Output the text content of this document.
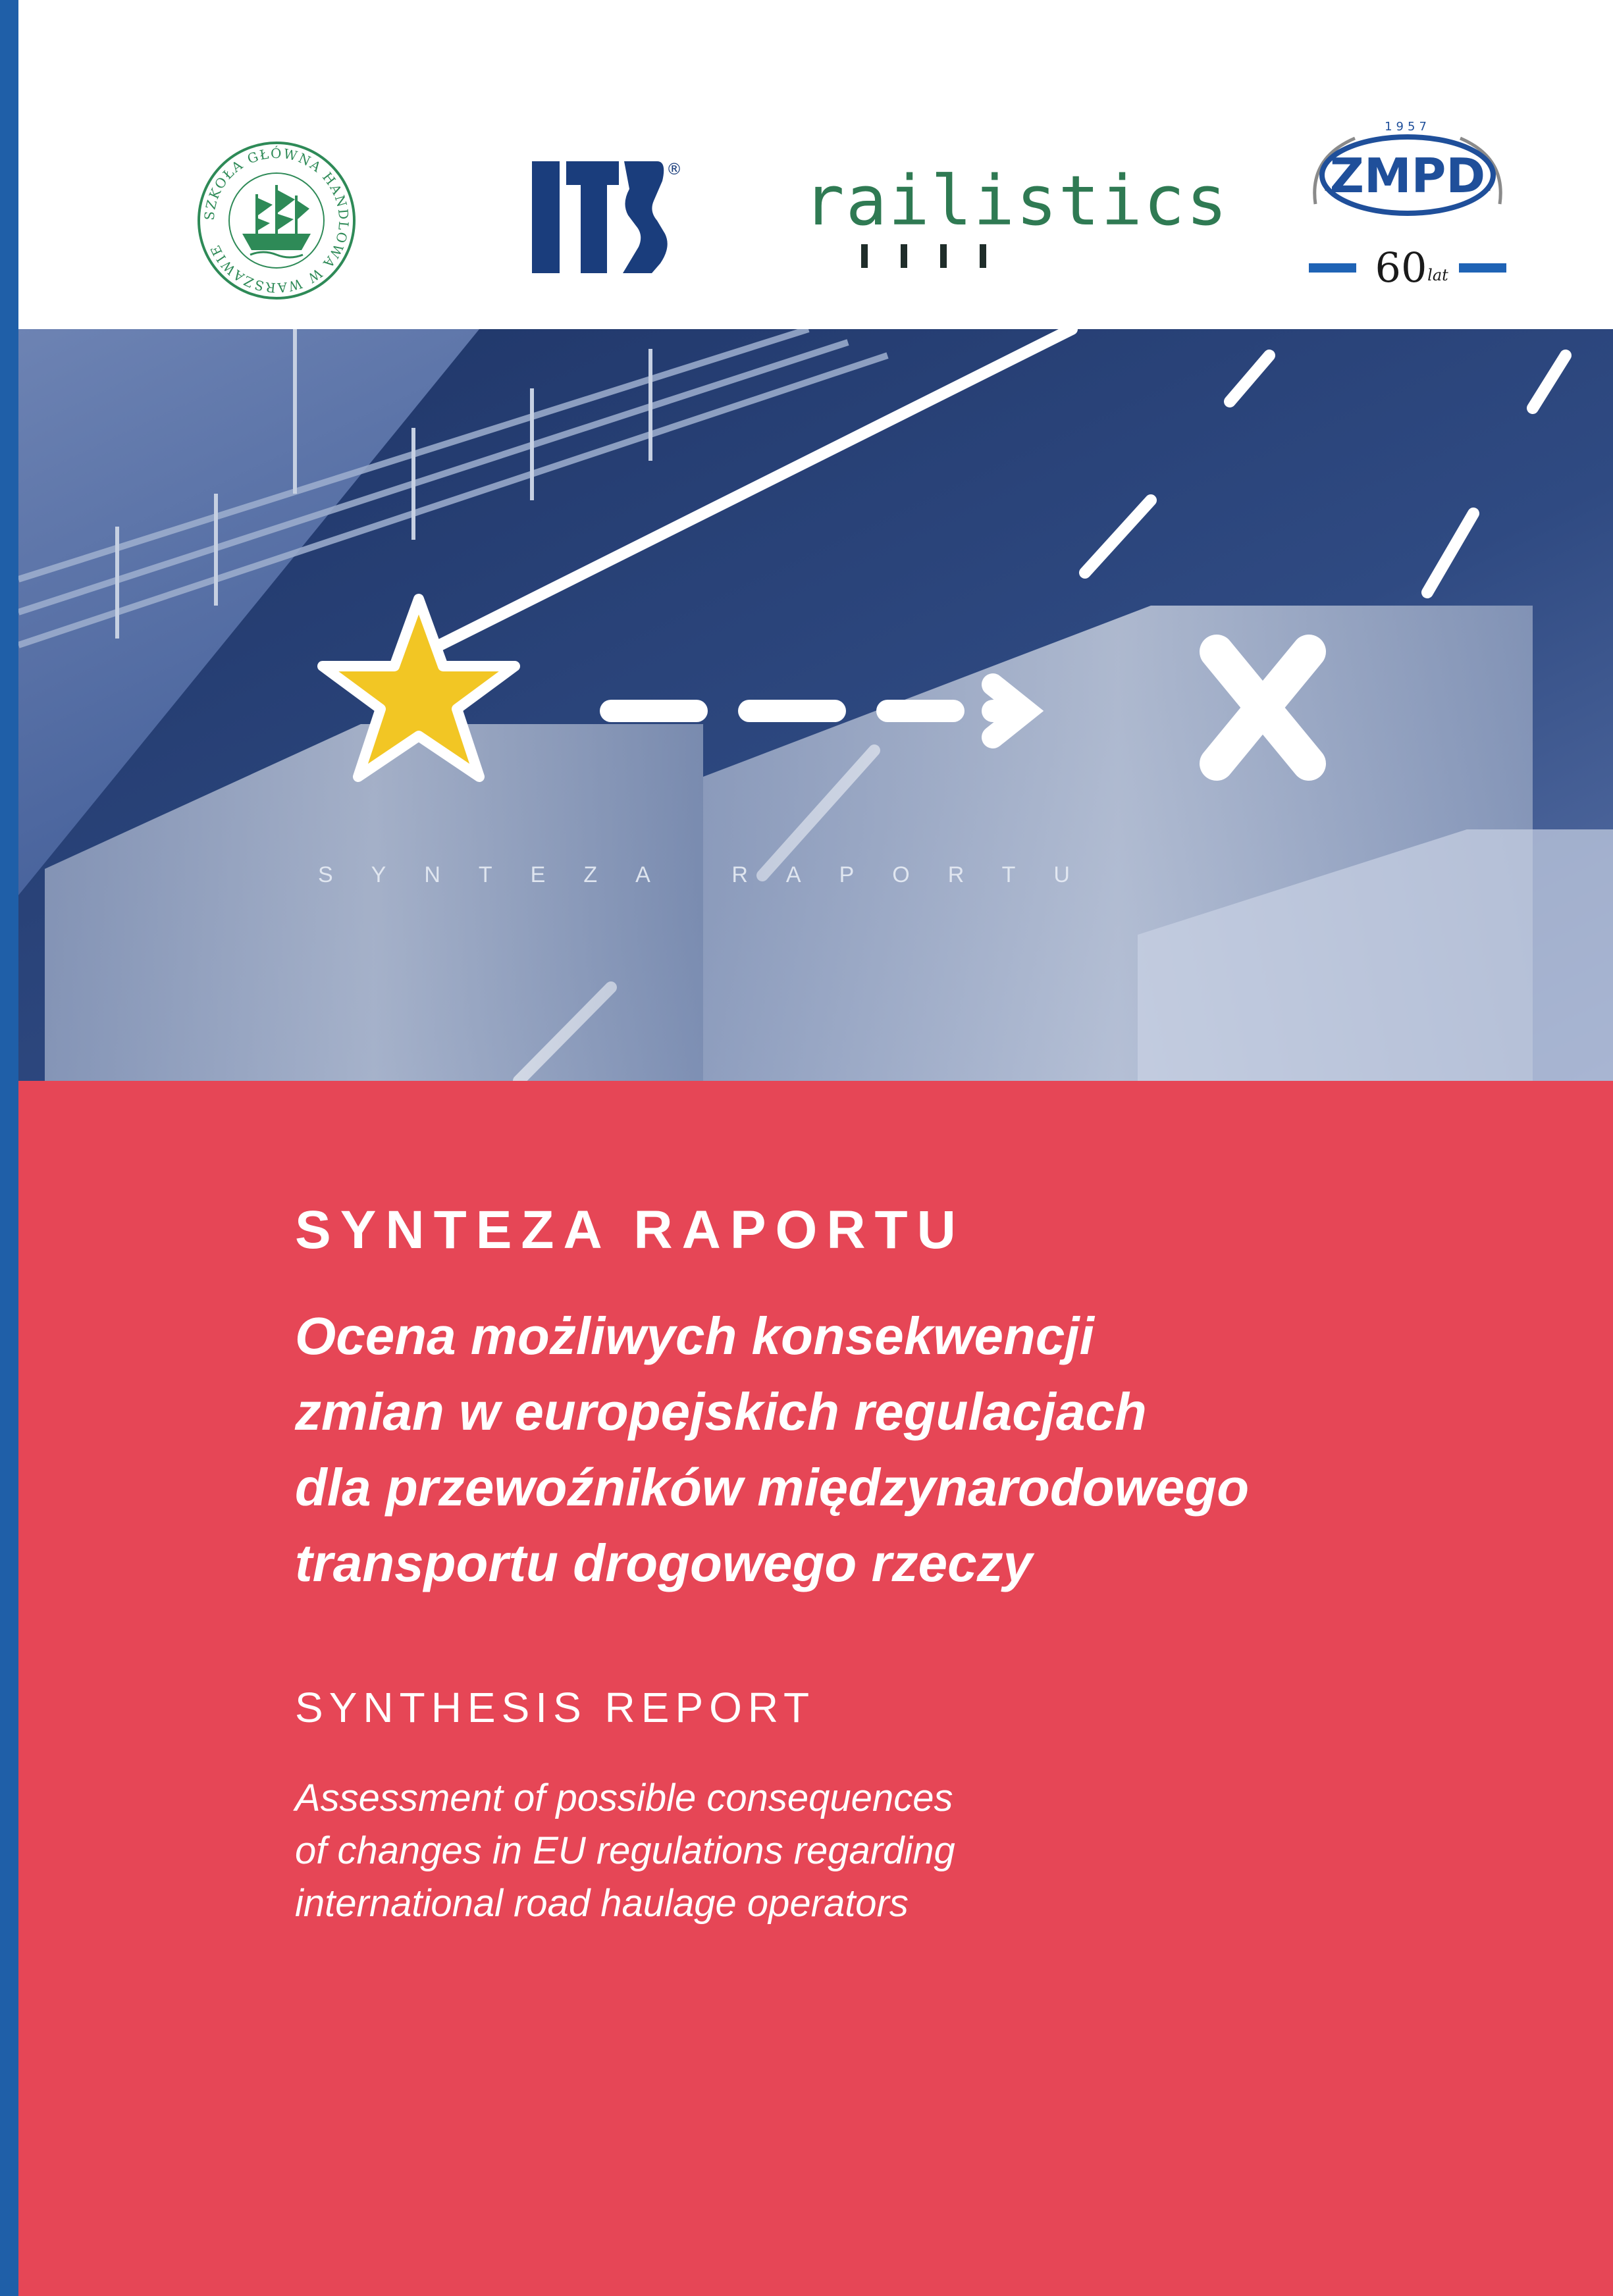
SZKOŁA GŁÓWNA HANDLOWA W WARSZAWIE
® railistics
1957
ZMPD
60 lat
SYNTEZA RAPORTU
SYNTEZA RAPORTU
Ocena możliwych konsekwencji
zmian w europejskich regulacjach
dla przewoźników międzynarodowego
transportu drogowego rzeczy
SYNTHESIS REPORT
Assessment of possible consequences
of changes in EU regulations regarding
international road haulage operators
